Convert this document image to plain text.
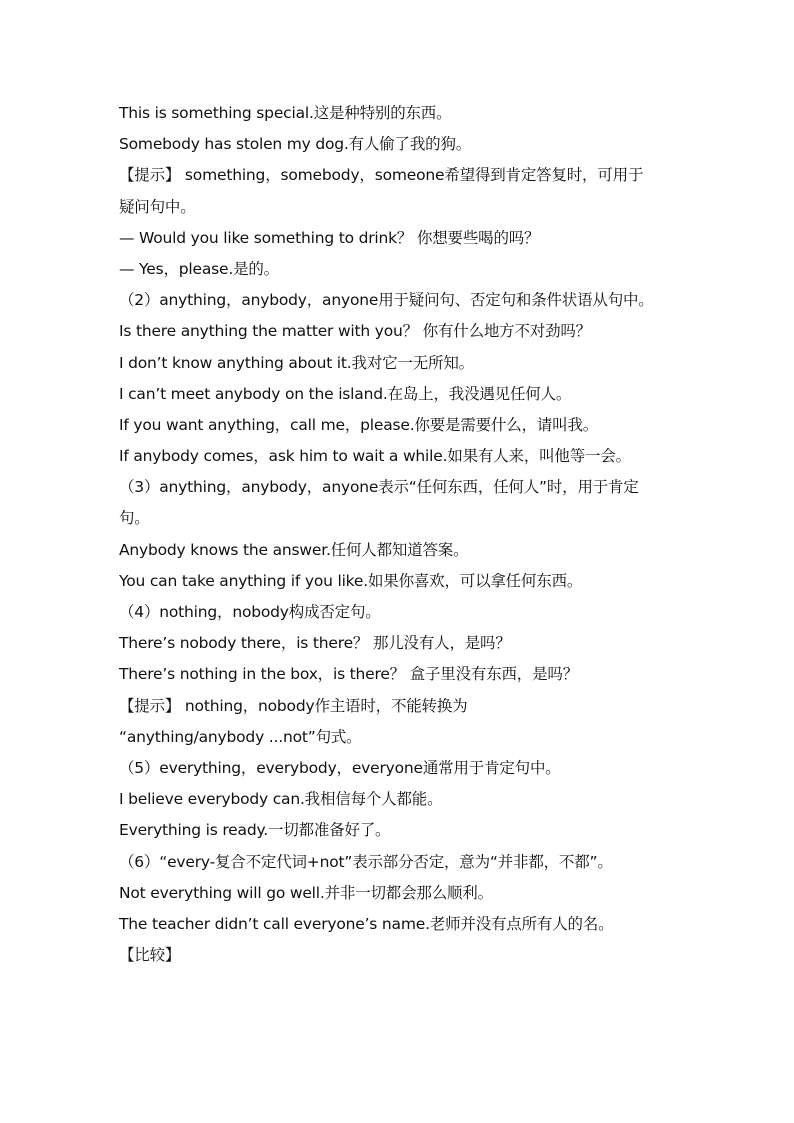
This is something special.这是种特别的东西。
Somebody has stolen my dog.有人偷了我的狗。
【提示】 something，somebody，someone希望得到肯定答复时，可用于
疑问句中。
— Would you like something to drink？ 你想要些喝的吗？
— Yes，please.是的。
（2）anything，anybody，anyone用于疑问句、否定句和条件状语从句中。
Is there anything the matter with you？ 你有什么地方不对劲吗？
I don’t know anything about it.我对它一无所知。
I can’t meet anybody on the island.在岛上，我没遇见任何人。
If you want anything，call me，please.你要是需要什么，请叫我。
If anybody comes，ask him to wait a while.如果有人来，叫他等一会。
（3）anything，anybody，anyone表示“任何东西，任何人”时，用于肯定
句。
Anybody knows the answer.任何人都知道答案。
You can take anything if you like.如果你喜欢，可以拿任何东西。
（4）nothing，nobody构成否定句。
There’s nobody there，is there？ 那儿没有人，是吗？
There’s nothing in the box，is there？ 盒子里没有东西，是吗？
【提示】 nothing，nobody作主语时，不能转换为
“anything/anybody ...not”句式。
（5）everything，everybody，everyone通常用于肯定句中。
I believe everybody can.我相信每个人都能。
Everything is ready.一切都准备好了。
（6）“every-复合不定代词+not”表示部分否定，意为“并非都，不都”。
Not everything will go well.并非一切都会那么顺利。
The teacher didn’t call everyone’s name.老师并没有点所有人的名。
【比较】
